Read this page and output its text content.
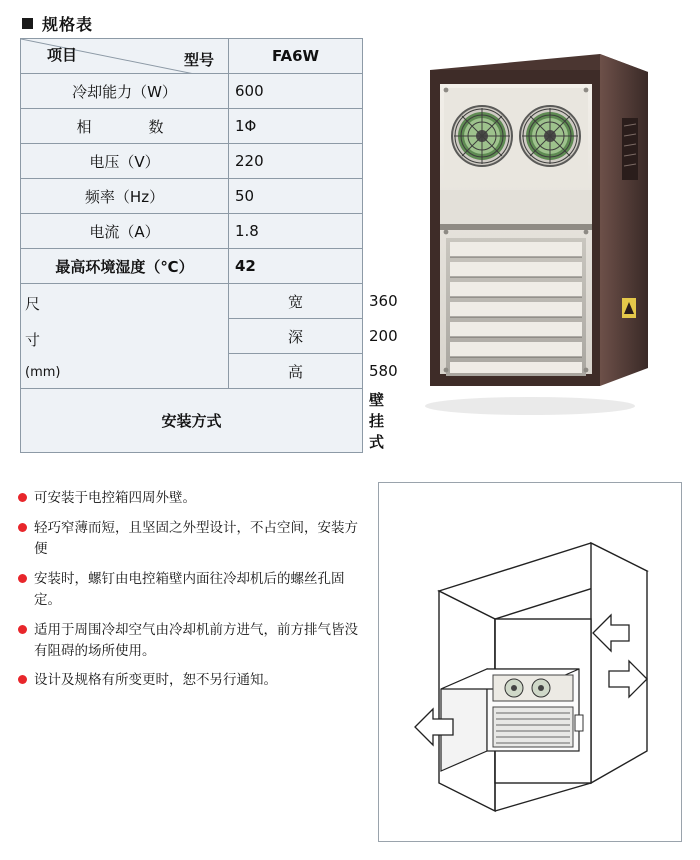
规格表
项目 型号	FA6W	
冷却能力（W）	600	
相　　数	1Φ	
电压（V）	220	
频率（Hz）	50	
电流（A）	1.8	
最高环境湿度（℃）	42	

尺
寸
(mm)	宽	360
	深	200
	高	580
安装方式		壁挂式
可安装于电控箱四周外壁。
轻巧窄薄而短，且坚固之外型设计，不占空间，安装方便
安装时，螺钉由电控箱壁内面往冷却机后的螺丝孔固定。
适用于周围冷却空气由冷却机前方进气，前方排气皆没有阻碍的场所使用。
设计及规格有所变更时，恕不另行通知。
